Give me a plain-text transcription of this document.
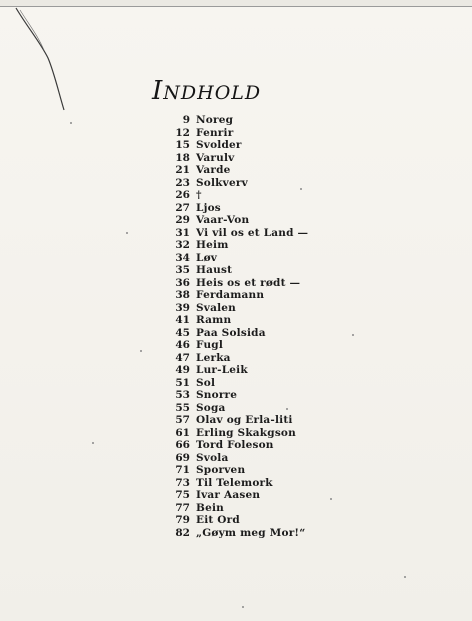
INDHOLD
9 Noreg
12 Fenrir
15 Svolder
18 Varulv
21 Varde
23 Solkverv
26 †
27 Ljos
29 Vaar-Von
31 Vi vil os et Land —
32 Heim
34 Løv
35 Haust
36 Heis os et rødt —
38 Ferdamann
39 Svalen
41 Ramn
45 Paa Solsida
46 Fugl
47 Lerka
49 Lur-Leik
51 Sol
53 Snorre
55 Soga
57 Olav og Erla-liti
61 Erling Skakgson
66 Tord Foleson
69 Svola
71 Sporven
73 Til Telemork
75 Ivar Aasen
77 Bein
79 Eit Ord
82 „Gøym meg Mor!“
